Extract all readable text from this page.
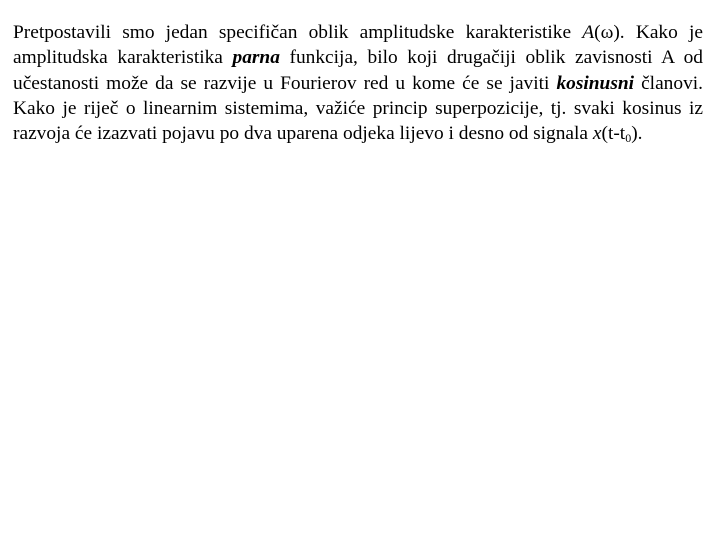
Pretpostavili smo jedan specifičan oblik amplitudske karakteristike A(ω). Kako je amplitudska karakteristika parna funkcija, bilo koji drugačiji oblik zavisnosti A od učestanosti može da se razvije u Fourierov red u kome će se javiti kosinusni članovi. Kako je riječ o linearnim sistemima, važiće princip superpozicije, tj. svaki kosinus iz razvoja će izazvati pojavu po dva uparena odjeka lijevo i desno od signala $x(t-t_0)$.
